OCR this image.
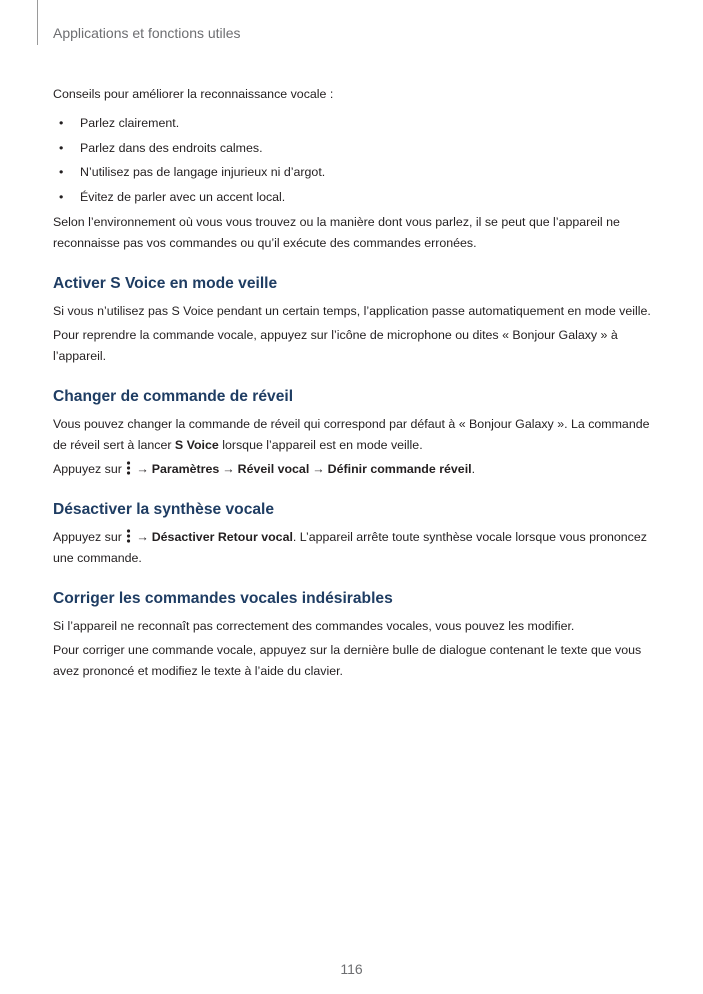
Applications et fonctions utiles

Conseils pour améliorer la reconnaissance vocale :

• Parlez clairement.
• Parlez dans des endroits calmes.
• N’utilisez pas de langage injurieux ni d’argot.
• Évitez de parler avec un accent local.

Selon l’environnement où vous vous trouvez ou la manière dont vous parlez, il se peut que l’appareil ne reconnaisse pas vos commandes ou qu’il exécute des commandes erronées.

Activer S Voice en mode veille

Si vous n’utilisez pas S Voice pendant un certain temps, l’application passe automatiquement en mode veille.

Pour reprendre la commande vocale, appuyez sur l’icône de microphone ou dites « Bonjour Galaxy » à l’appareil.

Changer de commande de réveil

Vous pouvez changer la commande de réveil qui correspond par défaut à « Bonjour Galaxy ». La commande de réveil sert à lancer S Voice lorsque l’appareil est en mode veille.

Appuyez sur → Paramètres → Réveil vocal → Définir commande réveil.

Désactiver la synthèse vocale

Appuyez sur → Désactiver Retour vocal. L’appareil arrête toute synthèse vocale lorsque vous prononcez une commande.

Corriger les commandes vocales indésirables

Si l’appareil ne reconnaît pas correctement des commandes vocales, vous pouvez les modifier.

Pour corriger une commande vocale, appuyez sur la dernière bulle de dialogue contenant le texte que vous avez prononcé et modifiez le texte à l’aide du clavier.

116
